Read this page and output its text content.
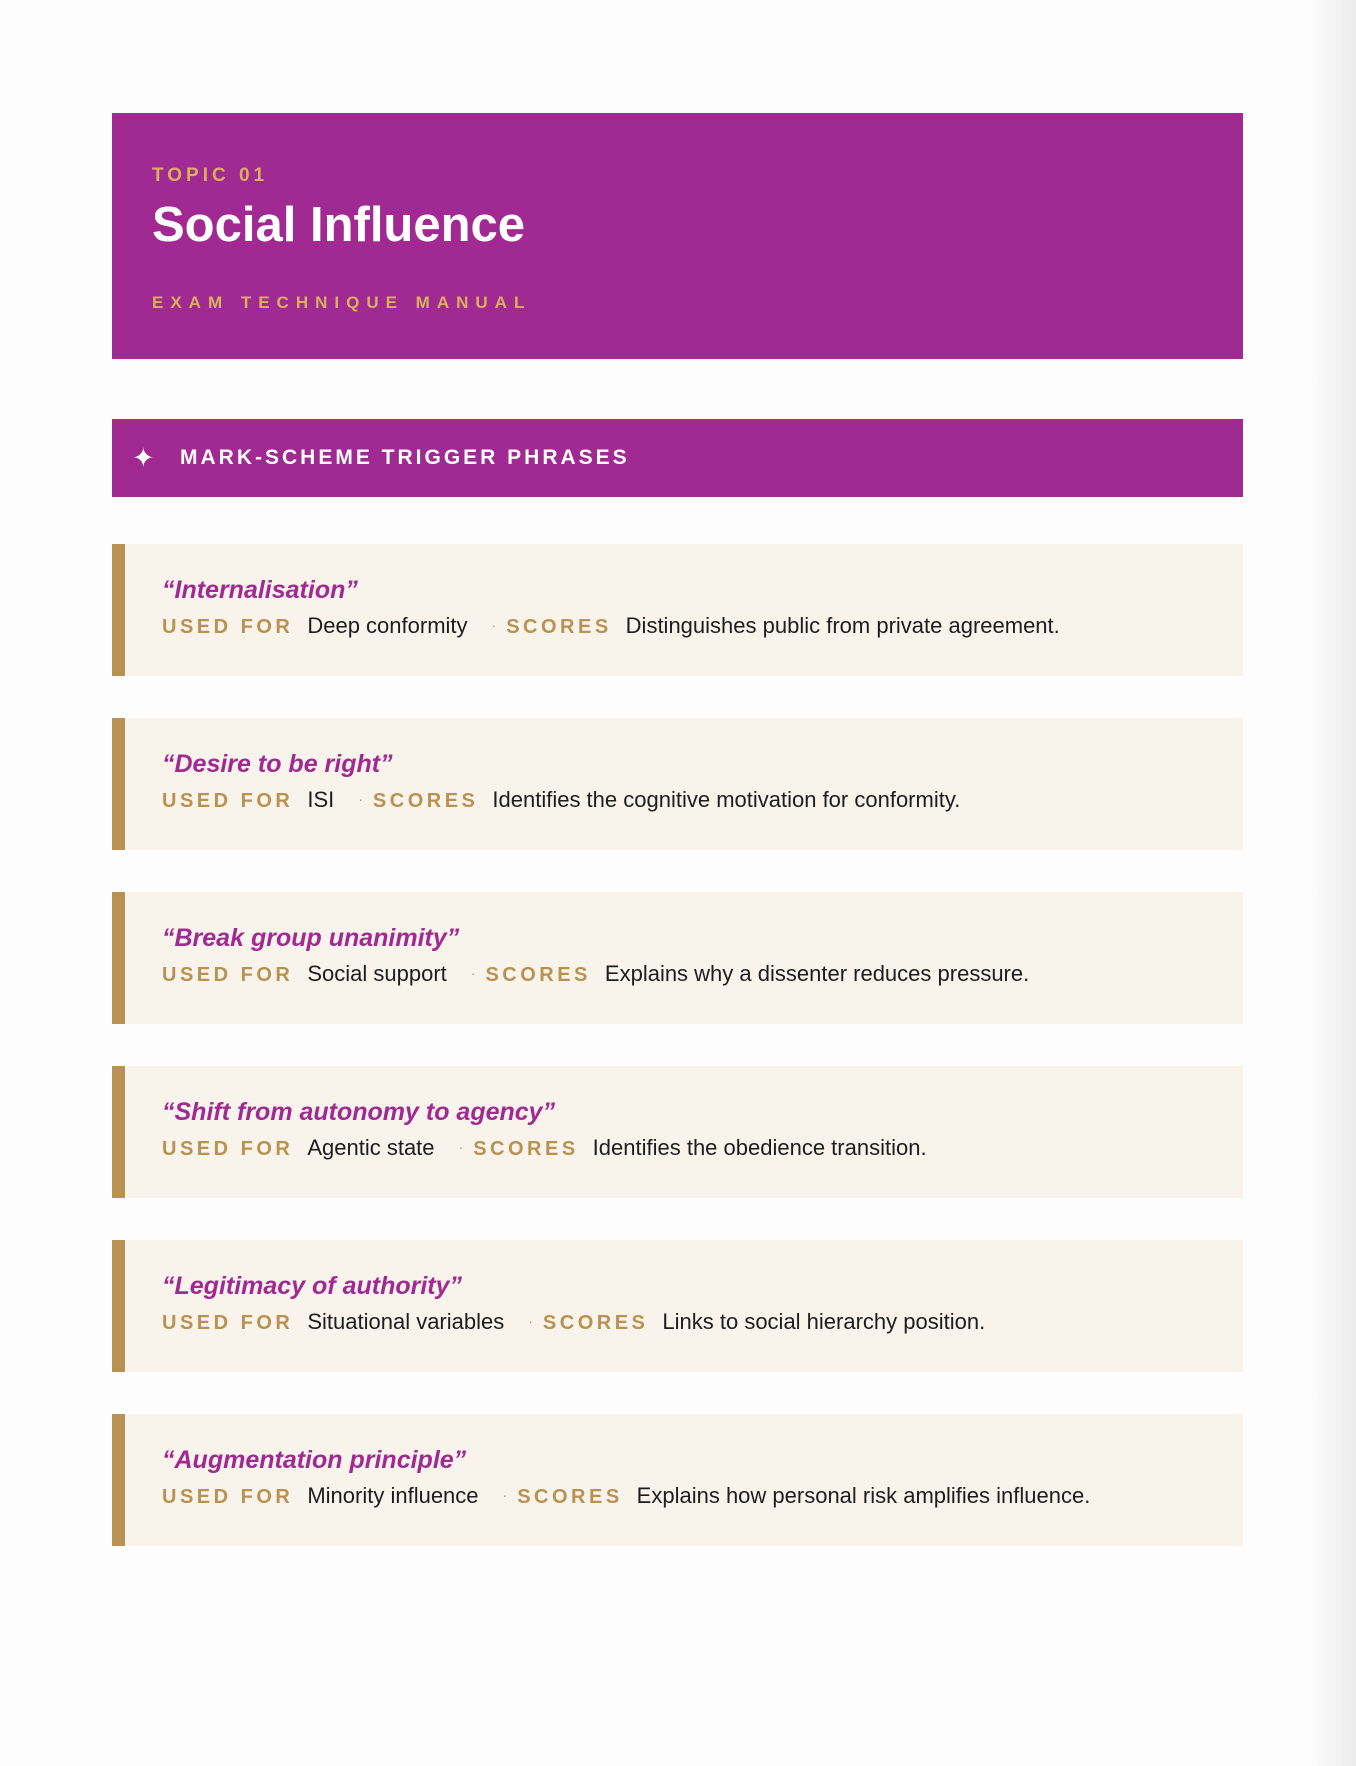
TOPIC 01
Social Influence
EXAM TECHNIQUE MANUAL
✦ MARK-SCHEME TRIGGER PHRASES
“Internalisation”
USED FOR Deep conformity · SCORES Distinguishes public from private agreement.
“Desire to be right”
USED FOR ISI · SCORES Identifies the cognitive motivation for conformity.
“Break group unanimity”
USED FOR Social support · SCORES Explains why a dissenter reduces pressure.
“Shift from autonomy to agency”
USED FOR Agentic state · SCORES Identifies the obedience transition.
“Legitimacy of authority”
USED FOR Situational variables · SCORES Links to social hierarchy position.
“Augmentation principle”
USED FOR Minority influence · SCORES Explains how personal risk amplifies influence.
